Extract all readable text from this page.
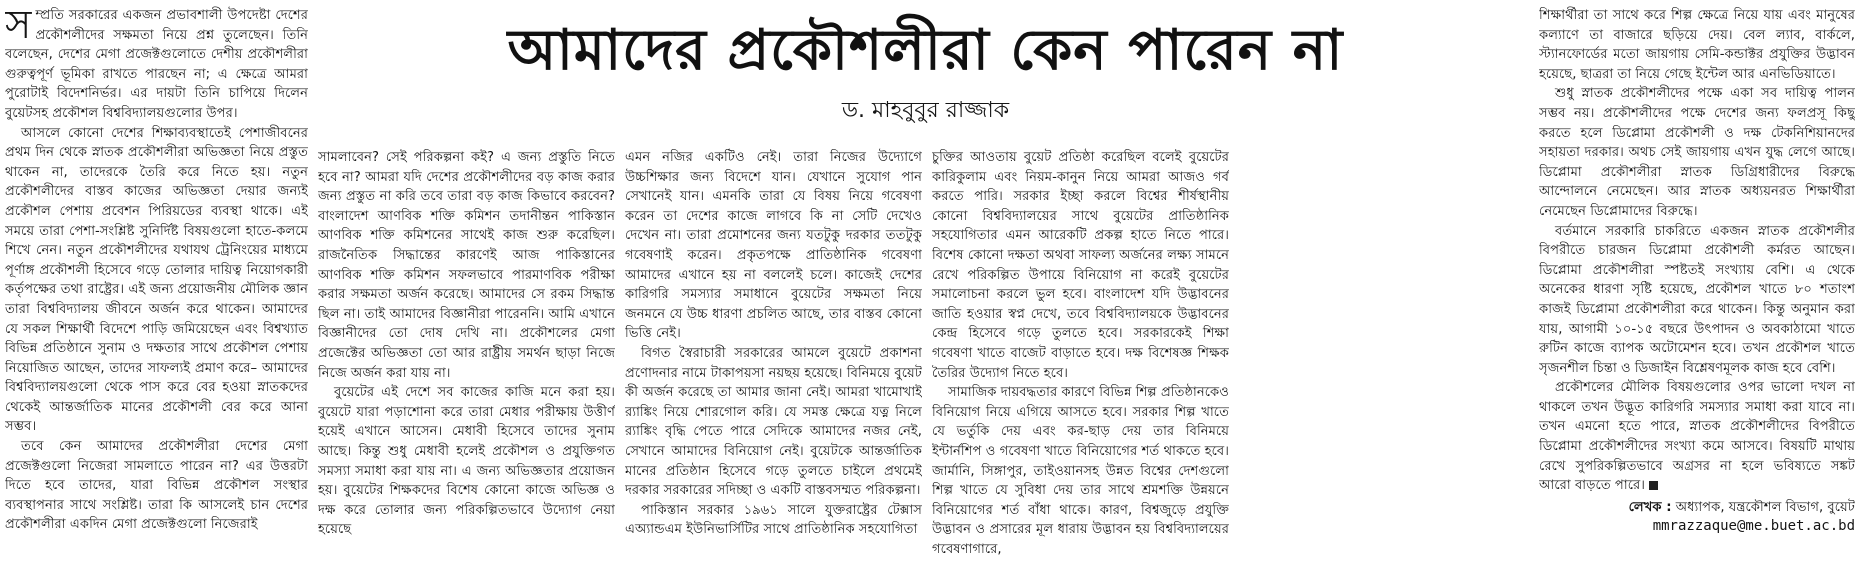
আমাদের প্রকৌশলীরা কেন পারেন না
ড. মাহবুবুর রাজ্জাক

সম্প্রতি সরকারের একজন প্রভাবশালী উপদেষ্টা দেশের প্রকৌশলীদের সক্ষমতা নিয়ে প্রশ্ন তুলেছেন। তিনি বলেছেন, দেশের মেগা প্রজেক্টগুলোতে দেশীয় প্রকৌশলীরা গুরুত্বপূর্ণ ভূমিকা রাখতে পারছেন না; এ ক্ষেত্রে আমরা পুরোটাই বিদেশনির্ভর। এর দায়টা তিনি চাপিয়ে দিলেন বুয়েটসহ প্রকৌশল বিশ্ববিদ্যালয়গুলোর উপর।

আসলে কোনো দেশের শিক্ষাব্যবস্থাতেই পেশাজীবনের প্রথম দিন থেকে স্নাতক প্রকৌশলীরা অভিজ্ঞতা নিয়ে প্রস্তুত থাকেন না, তাদেরকে তৈরি করে নিতে হয়। নতুন প্রকৌশলীদের বাস্তব কাজের অভিজ্ঞতা দেয়ার জন্যই প্রকৌশল পেশায় প্রবেশন পিরিয়ডের ব্যবস্থা থাকে। এই সময়ে তারা পেশা-সংশ্লিষ্ট সুনির্দিষ্ট বিষয়গুলো হাতে-কলমে শিখে নেন। নতুন প্রকৌশলীদের যথাযথ ট্রেনিংয়ের মাধ্যমে পূর্ণাঙ্গ প্রকৌশলী হিসেবে গড়ে তোলার দায়িত্ব নিয়োগকারী কর্তৃপক্ষের তথা রাষ্ট্রের। এই জন্য প্রয়োজনীয় মৌলিক জ্ঞান তারা বিশ্ববিদ্যালয় জীবনে অর্জন করে থাকেন। আমাদের যে সকল শিক্ষার্থী বিদেশে পাড়ি জমিয়েছেন এবং বিশ্বখ্যাত বিভিন্ন প্রতিষ্ঠানে সুনাম ও দক্ষতার সাথে প্রকৌশল পেশায় নিয়োজিত আছেন, তাদের সাফল্যই প্রমাণ করে– আমাদের বিশ্ববিদ্যালয়গুলো থেকে পাস করে বের হওয়া স্নাতকদের থেকেই আন্তর্জাতিক মানের প্রকৌশলী বের করে আনা সম্ভব।

তবে কেন আমাদের প্রকৌশলীরা দেশের মেগা প্রজেক্টগুলো নিজেরা সামলাতে পারেন না? এর উত্তরটা দিতে হবে তাদের, যারা বিভিন্ন প্রকৌশল সংস্থার ব্যবস্থাপনার সাথে সংশ্লিষ্ট। তারা কি আসলেই চান দেশের প্রকৌশলীরা একদিন মেগা প্রজেক্টগুলো নিজেরাই

সামলাবেন? সেই পরিকল্পনা কই? এ জন্য প্রস্তুতি নিতে হবে না? আমরা যদি দেশের প্রকৌশলীদের বড় কাজ করার জন্য প্রস্তুত না করি তবে তারা বড় কাজ কিভাবে করবেন? বাংলাদেশ আণবিক শক্তি কমিশন তদানীন্তন পাকিস্তান আণবিক শক্তি কমিশনের সাথেই কাজ শুরু করেছিল। রাজনৈতিক সিদ্ধান্তের কারণেই আজ পাকিস্তানের আণবিক শক্তি কমিশন সফলভাবে পারমাণবিক পরীক্ষা করার সক্ষমতা অর্জন করেছে। আমাদের সে রকম সিদ্ধান্ত ছিল না। তাই আমাদের বিজ্ঞানীরা পারেননি। আমি এখানে বিজ্ঞানীদের তো দোষ দেখি না। প্রকৌশলের মেগা প্রজেক্টের অভিজ্ঞতা তো আর রাষ্ট্রীয় সমর্থন ছাড়া নিজে নিজে অর্জন করা যায় না।

বুয়েটের এই দেশে সব কাজের কাজি মনে করা হয়। বুয়েটে যারা পড়াশোনা করে তারা মেধার পরীক্ষায় উত্তীর্ণ হয়েই এখানে আসেন। মেধাবী হিসেবে তাদের সুনাম আছে। কিন্তু শুধু মেধাবী হলেই প্রকৌশল ও প্রযুক্তিগত সমস্যা সমাধা করা যায় না। এ জন্য অভিজ্ঞতার প্রয়োজন হয়। বুয়েটের শিক্ষকদের বিশেষ কোনো কাজে অভিজ্ঞ ও দক্ষ করে তোলার জন্য পরিকল্পিতভাবে উদ্যোগ নেয়া হয়েছে

এমন নজির একটিও নেই। তারা নিজের উদ্যোগে উচ্চশিক্ষার জন্য বিদেশে যান। যেখানে সুযোগ পান সেখানেই যান। এমনকি তারা যে বিষয় নিয়ে গবেষণা করেন তা দেশের কাজে লাগবে কি না সেটি দেখেও দেখেন না। তারা প্রমোশনের জন্য যতটুকু দরকার ততটুকু গবেষণাই করেন। প্রকৃতপক্ষে প্রাতিষ্ঠানিক গবেষণা আমাদের এখানে হয় না বললেই চলে। কাজেই দেশের কারিগরি সমস্যার সমাধানে বুয়েটের সক্ষমতা নিয়ে জনমনে যে উচ্চ ধারণা প্রচলিত আছে, তার বাস্তব কোনো ভিত্তি নেই।

বিগত স্বৈরাচারী সরকারের আমলে বুয়েটে প্রকাশনা প্রণোদনার নামে টাকাপয়সা নয়ছয় হয়েছে। বিনিময়ে বুয়েট কী অর্জন করেছে তা আমার জানা নেই। আমরা খামোখাই র‍্যাঙ্কিং নিয়ে শোরগোল করি। যে সমস্ত ক্ষেত্রে যত্ন নিলে র‍্যাঙ্কিং বৃদ্ধি পেতে পারে সেদিকে আমাদের নজর নেই, সেখানে আমাদের বিনিয়োগ নেই। বুয়েটকে আন্তর্জাতিক মানের প্রতিষ্ঠান হিসেবে গড়ে তুলতে চাইলে প্রথমেই দরকার সরকারের সদিচ্ছা ও একটি বাস্তবসম্মত পরিকল্পনা।

পাকিস্তান সরকার ১৯৬১ সালে যুক্তরাষ্ট্রের টেক্সাস এঅ্যান্ডএম ইউনিভার্সিটির সাথে প্রাতিষ্ঠানিক সহযোগিতা

চুক্তির আওতায় বুয়েট প্রতিষ্ঠা করেছিল বলেই বুয়েটের কারিকুলাম এবং নিয়ম-কানুন নিয়ে আমরা আজও গর্ব করতে পারি। সরকার ইচ্ছা করলে বিশ্বের শীর্ষস্থানীয় কোনো বিশ্ববিদ্যালয়ের সাথে বুয়েটের প্রাতিষ্ঠানিক সহযোগিতার এমন আরেকটি প্রকল্প হাতে নিতে পারে। বিশেষ কোনো দক্ষতা অথবা সাফল্য অর্জনের লক্ষ্য সামনে রেখে পরিকল্পিত উপায়ে বিনিয়োগ না করেই বুয়েটের সমালোচনা করলে ভুল হবে। বাংলাদেশ যদি উদ্ভাবনের জাতি হওয়ার স্বপ্ন দেখে, তবে বিশ্ববিদ্যালয়কে উদ্ভাবনের কেন্দ্র হিসেবে গড়ে তুলতে হবে। সরকারকেই শিক্ষা গবেষণা খাতে বাজেট বাড়াতে হবে। দক্ষ বিশেষজ্ঞ শিক্ষক তৈরির উদ্যোগ নিতে হবে।

সামাজিক দায়বদ্ধতার কারণে বিভিন্ন শিল্প প্রতিষ্ঠানকেও বিনিয়োগ নিয়ে এগিয়ে আসতে হবে। সরকার শিল্প খাতে যে ভর্তুকি দেয় এবং কর-ছাড় দেয় তার বিনিময়ে ইন্টার্নশিপ ও গবেষণা খাতে বিনিয়োগের শর্ত থাকতে হবে। জার্মানি, সিঙ্গাপুর, তাইওয়ানসহ উন্নত বিশ্বের দেশগুলো শিল্প খাতে যে সুবিধা দেয় তার সাথে শ্রমশক্তি উন্নয়নে বিনিয়োগের শর্ত বাঁধা থাকে। কারণ, বিশ্বজুড়ে প্রযুক্তি উদ্ভাবন ও প্রসারের মূল ধারায় উদ্ভাবন হয় বিশ্ববিদ্যালয়ের গবেষণাগারে,

শিক্ষার্থীরা তা সাথে করে শিল্প ক্ষেত্রে নিয়ে যায় এবং মানুষের কল্যাণে তা বাজারে ছড়িয়ে দেয়। বেল ল্যাব, বার্কলে, স্ট্যানফোর্ডের মতো জায়গায় সেমি-কন্ডাক্টর প্রযুক্তির উদ্ভাবন হয়েছে, ছাত্ররা তা নিয়ে গেছে ইন্টেল আর এনভিডিয়াতে।

শুধু স্নাতক প্রকৌশলীদের পক্ষে একা সব দায়িত্ব পালন সম্ভব নয়। প্রকৌশলীদের পক্ষে দেশের জন্য ফলপ্রসূ কিছু করতে হলে ডিপ্লোমা প্রকৌশলী ও দক্ষ টেকনিশিয়ানদের সহায়তা দরকার। অথচ সেই জায়গায় এখন যুদ্ধ লেগে আছে। ডিপ্লোমা প্রকৌশলীরা স্নাতক ডিগ্রিধারীদের বিরুদ্ধে আন্দোলনে নেমেছেন। আর স্নাতক অধ্যয়নরত শিক্ষার্থীরা নেমেছেন ডিপ্লোমাদের বিরুদ্ধে।

বর্তমানে সরকারি চাকরিতে একজন স্নাতক প্রকৌশলীর বিপরীতে চারজন ডিপ্লোমা প্রকৌশলী কর্মরত আছেন। ডিপ্লোমা প্রকৌশলীরা স্পষ্টতই সংখ্যায় বেশি। এ থেকে অনেকের ধারণা সৃষ্টি হয়েছে, প্রকৌশল খাতে ৮০ শতাংশ কাজই ডিপ্লোমা প্রকৌশলীরা করে থাকেন। কিন্তু অনুমান করা যায়, আগামী ১০-১৫ বছরে উৎপাদন ও অবকাঠামো খাতে রুটিন কাজে ব্যাপক অটোমেশন হবে। তখন প্রকৌশল খাতে সৃজনশীল চিন্তা ও ডিজাইন বিশ্লেষণমূলক কাজ হবে বেশি।

প্রকৌশলের মৌলিক বিষয়গুলোর ওপর ভালো দখল না থাকলে তখন উদ্ভূত কারিগরি সমস্যার সমাধা করা যাবে না। তখন এমনো হতে পারে, স্নাতক প্রকৌশলীদের বিপরীতে ডিপ্লোমা প্রকৌশলীদের সংখ্যা কমে আসবে। বিষয়টি মাথায় রেখে সুপরিকল্পিতভাবে অগ্রসর না হলে ভবিষ্যতে সঙ্কট আরো বাড়তে পারে।

লেখক : অধ্যাপক, যন্ত্রকৌশল বিভাগ, বুয়েট
mmrazzaque@me.buet.ac.bd
